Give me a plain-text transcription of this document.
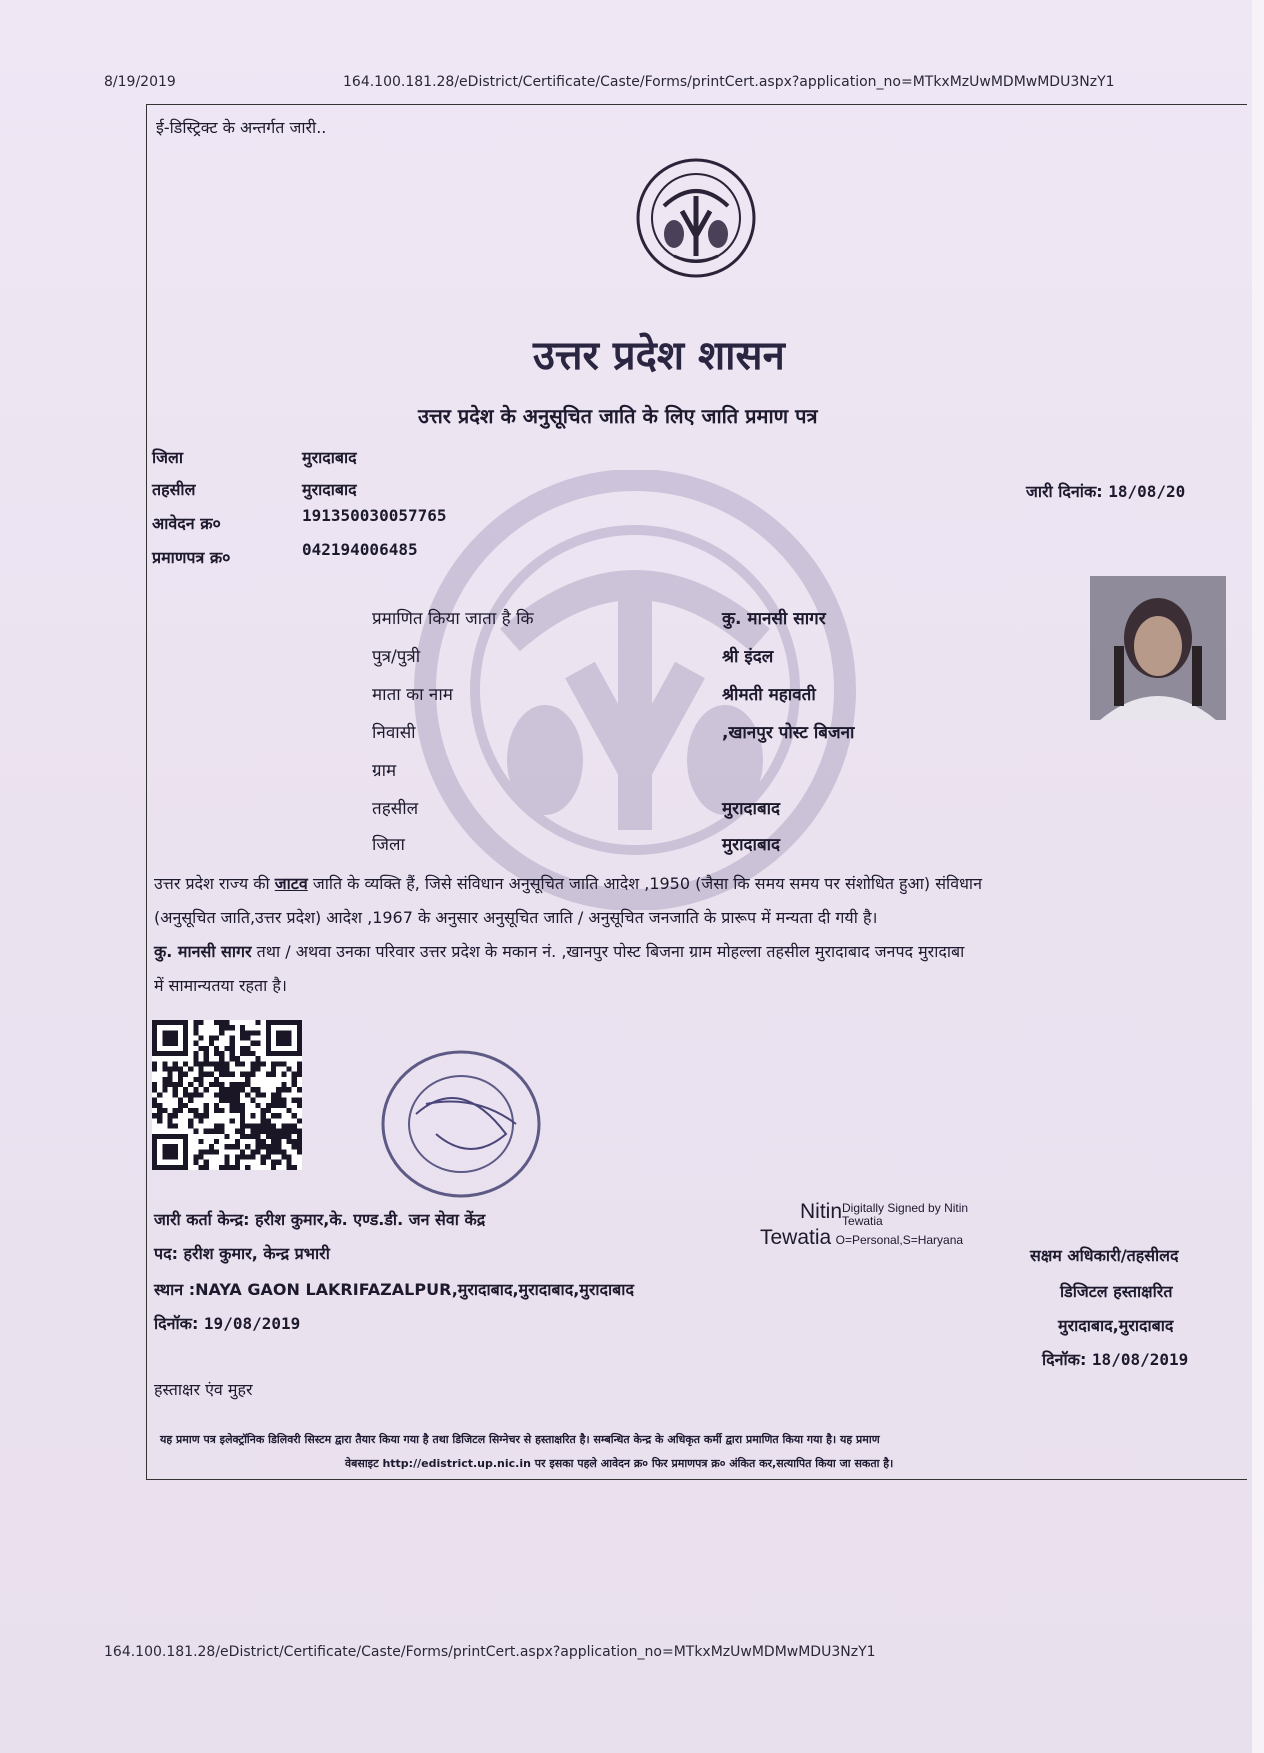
8/19/2019	164.100.181.28/eDistrict/Certificate/Caste/Forms/printCert.aspx?application_no=MTkxMzUwMDMwMDU3NzY1
ई-डिस्ट्रिक्ट के अन्तर्गत जारी..
उत्तर प्रदेश शासन
उत्तर प्रदेश के अनुसूचित जाति के लिए जाति प्रमाण पत्र
जिला	मुरादाबाद
तहसील	मुरादाबाद
आवेदन क्र०	191350030057765
प्रमाणपत्र क्र०	042194006485
जारी दिनांक: 18/08/20
प्रमाणित किया जाता है कि	कु. मानसी सागर
पुत्र/पुत्री	श्री इंदल
माता का नाम	श्रीमती महावती
निवासी	,खानपुर पोस्ट बिजना
ग्राम
तहसील	मुरादाबाद
जिला	मुरादाबाद
उत्तर प्रदेश राज्य की जाटव जाति के व्यक्ति हैं, जिसे संविधान अनुसूचित जाति आदेश ,1950 (जैसा कि समय समय पर संशोधित हुआ) संविधान
(अनुसूचित जाति,उत्तर प्रदेश) आदेश ,1967 के अनुसार अनुसूचित जाति / अनुसूचित जनजाति के प्रारूप में मन्यता दी गयी है।
कु. मानसी सागर तथा / अथवा उनका परिवार उत्तर प्रदेश के मकान नं. ,खानपुर पोस्ट बिजना ग्राम मोहल्ला तहसील मुरादाबाद जनपद मुरादाबा
में सामान्यतया रहता है।
जारी कर्ता केन्द्र: हरीश कुमार,के. एण्ड.डी. जन सेवा केंद्र
पद: हरीश कुमार, केन्द्र प्रभारी
स्थान :NAYA GAON LAKRIFAZALPUR,मुरादाबाद,मुरादाबाद,मुरादाबाद
दिनॉक: 19/08/2019
हस्ताक्षर एंव मुहर
NitinDigitally Signed by Nitin
Tewatia
Tewatia O=Personal,S=Haryana
सक्षम अधिकारी/तहसीलद
डिजिटल हस्ताक्षरित
मुरादाबाद,मुरादाबाद
दिनॉक: 18/08/2019
यह प्रमाण पत्र इलेक्ट्रॉनिक डिलिवरी सिस्टम द्वारा तैयार किया गया है तथा डिजिटल सिग्नेचर से हस्ताक्षरित है। सम्बन्धित केन्द्र के अधिकृत कर्मी द्वारा प्रमाणित किया गया है। यह प्रमाण
वेबसाइट http://edistrict.up.nic.in पर इसका पहले आवेदन क्र० फिर प्रमाणपत्र क्र० अंकित कर,सत्यापित किया जा सकता है।
164.100.181.28/eDistrict/Certificate/Caste/Forms/printCert.aspx?application_no=MTkxMzUwMDMwMDU3NzY1
